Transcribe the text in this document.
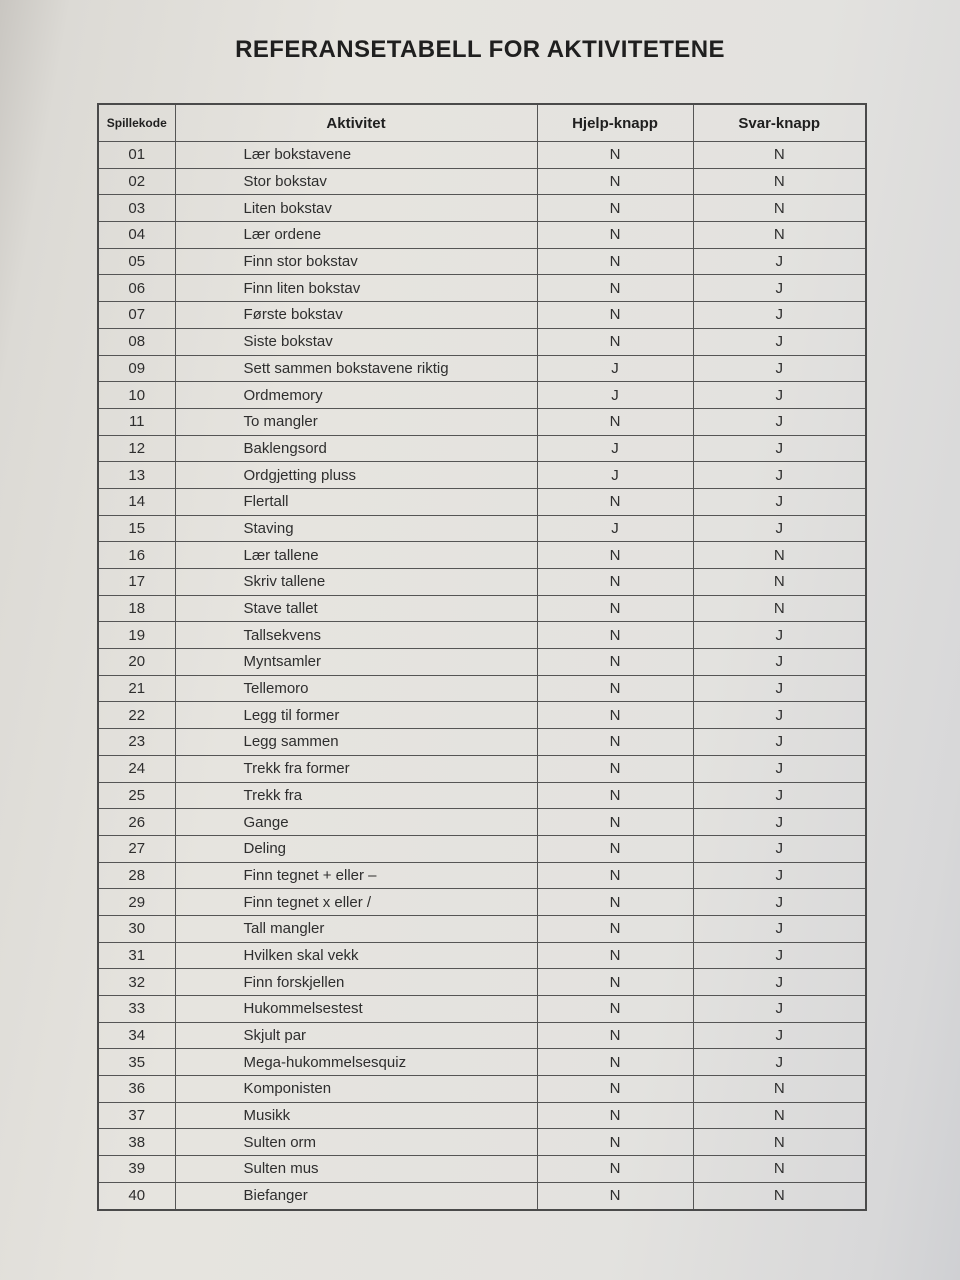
REFERANSETABELL FOR AKTIVITETENE
Spillekode	Aktivitet	Hjelp-knapp	Svar-knapp
01	Lær bokstavene	N	N
02	Stor bokstav	N	N
03	Liten bokstav	N	N
04	Lær ordene	N	N
05	Finn stor bokstav	N	J
06	Finn liten bokstav	N	J
07	Første bokstav	N	J
08	Siste bokstav	N	J
09	Sett sammen bokstavene riktig	J	J
10	Ordmemory	J	J
11	To mangler	N	J
12	Baklengsord	J	J
13	Ordgjetting pluss	J	J
14	Flertall	N	J
15	Staving	J	J
16	Lær tallene	N	N
17	Skriv tallene	N	N
18	Stave tallet	N	N
19	Tallsekvens	N	J
20	Myntsamler	N	J
21	Tellemoro	N	J
22	Legg til former	N	J
23	Legg sammen	N	J
24	Trekk fra former	N	J
25	Trekk fra	N	J
26	Gange	N	J
27	Deling	N	J
28	Finn tegnet + eller –	N	J
29	Finn tegnet x eller /	N	J
30	Tall mangler	N	J
31	Hvilken skal vekk	N	J
32	Finn forskjellen	N	J
33	Hukommelsestest	N	J
34	Skjult par	N	J
35	Mega-hukommelsesquiz	N	J
36	Komponisten	N	N
37	Musikk	N	N
38	Sulten orm	N	N
39	Sulten mus	N	N
40	Biefanger	N	N
